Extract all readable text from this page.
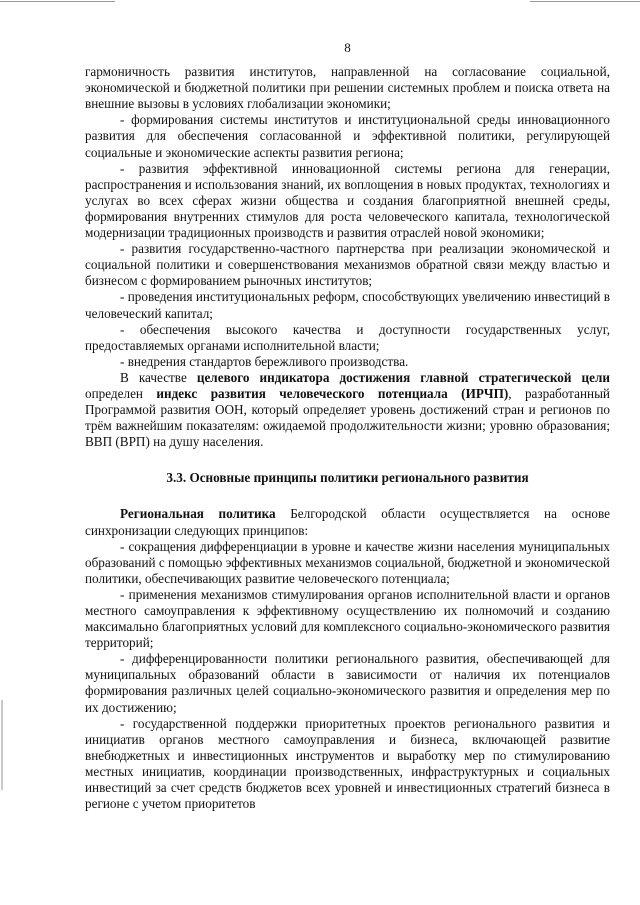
8

гармоничность развития институтов, направленной на согласование социальной, экономической и бюджетной политики при решении системных проблем и поиска ответа на внешние вызовы в условиях глобализации экономики;

- формирования системы институтов и институциональной среды инновационного развития для обеспечения согласованной и эффективной политики, регулирующей социальные и экономические аспекты развития региона;

- развития эффективной инновационной системы региона для генерации, распространения и использования знаний, их воплощения в новых продуктах, технологиях и услугах во всех сферах жизни общества и создания благоприятной внешней среды, формирования внутренних стимулов для роста человеческого капитала, технологической модернизации традиционных производств и развития отраслей новой экономики;

- развития государственно-частного партнерства при реализации экономической и социальной политики и совершенствования механизмов обратной связи между властью и бизнесом с формированием рыночных институтов;

- проведения институциональных реформ, способствующих увеличению инвестиций в человеческий капитал;

- обеспечения высокого качества и доступности государственных услуг, предоставляемых органами исполнительной власти;

- внедрения стандартов бережливого производства.

В качестве целевого индикатора достижения главной стратегической цели определен индекс развития человеческого потенциала (ИРЧП), разработанный Программой развития ООН, который определяет уровень достижений стран и регионов по трём важнейшим показателям: ожидаемой продолжительности жизни; уровню образования; ВВП (ВРП) на душу населения.

3.3. Основные принципы политики регионального развития

Региональная политика Белгородской области осуществляется на основе синхронизации следующих принципов:

- сокращения дифференциации в уровне и качестве жизни населения муниципальных образований с помощью эффективных механизмов социальной, бюджетной и экономической политики, обеспечивающих развитие человеческого потенциала;

- применения механизмов стимулирования органов исполнительной власти и органов местного самоуправления к эффективному осуществлению их полномочий и созданию максимально благоприятных условий для комплексного социально-экономического развития территорий;

- дифференцированности политики регионального развития, обеспечивающей для муниципальных образований области в зависимости от наличия их потенциалов формирования различных целей социально-экономического развития и определения мер по их достижению;

- государственной поддержки приоритетных проектов регионального развития и инициатив органов местного самоуправления и бизнеса, включающей развитие внебюджетных и инвестиционных инструментов и выработку мер по стимулированию местных инициатив, координации производственных, инфраструктурных и социальных инвестиций за счет средств бюджетов всех уровней и инвестиционных стратегий бизнеса в регионе с учетом приоритетов
